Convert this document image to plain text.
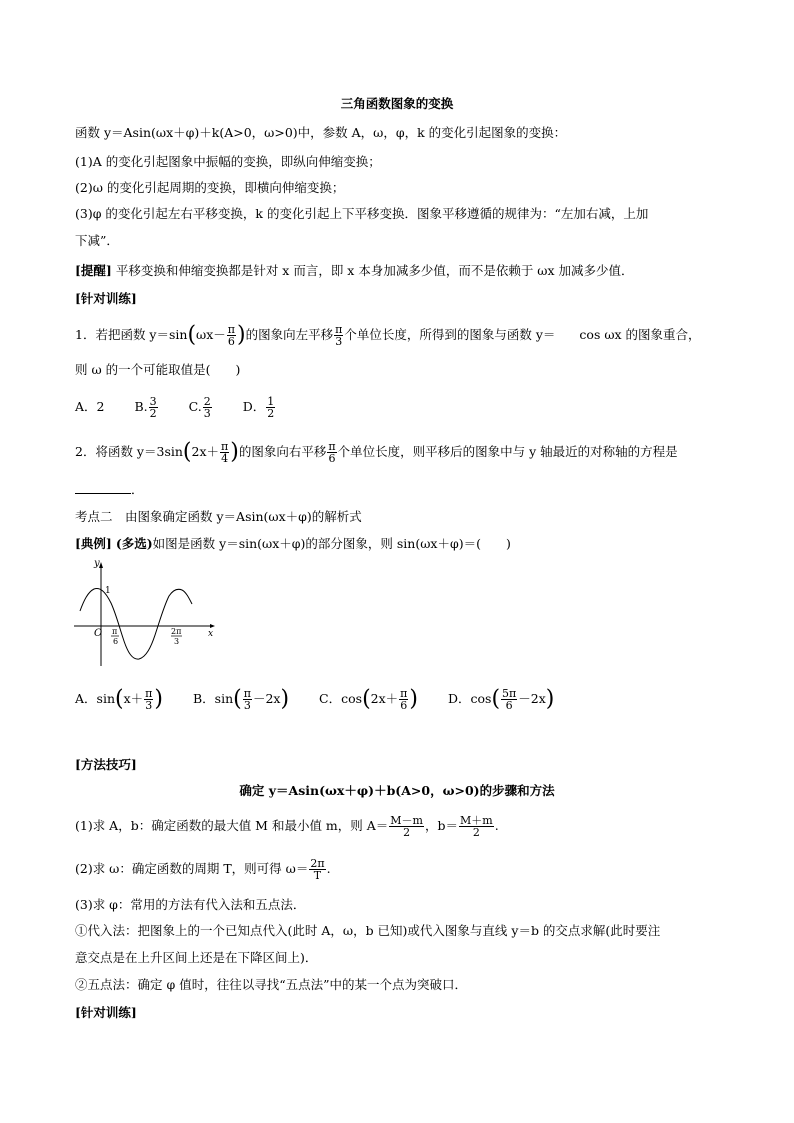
三角函数图象的变换
函数 y＝Asin(ωx＋φ)＋k(A>0，ω>0)中，参数 A，ω，φ，k 的变化引起图象的变换：
(1)A 的变化引起图象中振幅的变换，即纵向伸缩变换；
(2)ω 的变化引起周期的变换，即横向伸缩变换；
(3)φ 的变化引起左右平移变换，k 的变化引起上下平移变换．图象平移遵循的规律为：“左加右减，上加
下减”．
[提醒] 平移变换和伸缩变换都是针对 x 而言，即 x 本身加减多少值，而不是依赖于 ωx 加减多少值．
[针对训练]
1．若把函数 $y=\sin(\omega x- \frac{\pi}{6}$ )的图象向左平移 $\frac{\pi}{3}$ 个单位长度，所得到的图象与函数 y＝ cos ωx 的图象重合，
则 ω 的一个可能取值是(　　)
A．2 B. $\frac{3}{2} C$. $\frac{2}{3}$ D． $\frac{1}{2}$
2．将函数 $y=3\sin(2x+ \frac{\pi}{4}$ )的图象向右平移 $\frac{\pi}{6}$ 个单位长度，则平移后的图象中与 y 轴最近的对称轴的方程是
．
考点二　由图象确定函数 y＝Asin(ωx＋φ)的解析式
[典例] (多选)如图是函数 y＝sin(ωx＋φ)的部分图象，则 sin(ωx＋φ)＝(　　)
y
1
O	x
π
6
2π
3
A．$\sin(x+ \frac{\pi}{3}$ ) B．$\sin( \frac{\pi}{3} -2x)$ C．$\cos(2x+ \frac{\pi}{6}$ ) D．$\cos( \frac{5\pi}{6} -2x)$
[方法技巧]
确定 y＝Asin(ωx＋φ)＋b(A>0，ω>0)的步骤和方法
(1)求 A，b：确定函数的最大值 M 和最小值 m，则 $A= \frac{M-m}{2}$ ，$b= \frac{M+m}{2}$ .
(2)求 ω：确定函数的周期 T，则可得 $\omega= \frac{2\pi}{T}$ .
(3)求 φ：常用的方法有代入法和五点法．
①代入法：把图象上的一个已知点代入(此时 A，ω，b 已知)或代入图象与直线 y＝b 的交点求解(此时要注
意交点是在上升区间上还是在下降区间上)．
②五点法：确定 φ 值时，往往以寻找“五点法”中的某一个点为突破口．
[针对训练]
